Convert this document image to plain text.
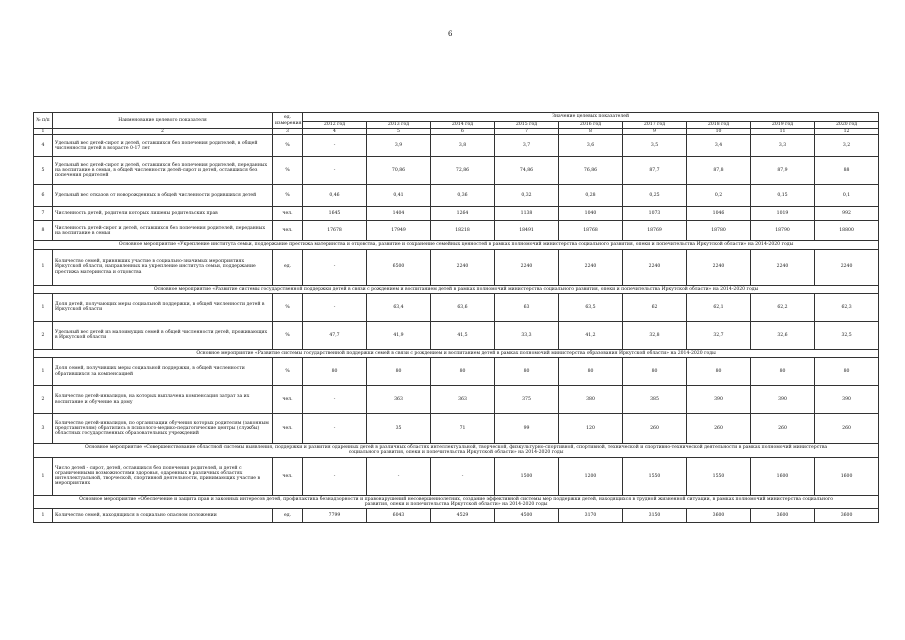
6
№ п/п	Наименование целевого показателя	ед. измерения	Значение целевых показателей								
			2012 год	2013 год	2014 год	2015 год	2016 год	2017 год	2018 год	2019 год	2020 год
1	2	3	4	5	6	7	8	9	10	11	12
4	Удельный вес детей-сирот и детей, оставшихся без попечения родителей, в общей численности детей в возрасте 0-17 лет	%	-	3,9	3,8	3,7	3,6	3,5	3,4	3,3	3,2
5	Удельный вес детей-сирот и детей, оставшихся без попечения родителей, переданных на воспитание в семьи, в общей численности детей-сирот и детей, оставшихся без попечения родителей	%	-	70,86	72,86	74,86	76,86	87,7	87,8	87,9	88
6	Удельный вес отказов от новорожденных в общей численности родившихся детей	%	0,46	0,41	0,36	0,32	0,28	0,25	0,2	0,15	0,1
7	Численность детей, родители которых лишены родительских прав	чел.	1645	1404	1264	1138	1040	1073	1046	1019	992
8	Численность детей-сирот и детей, оставшихся без попечения родителей, переданных на воспитание в семьи	чел.	17678	17949	18218	18491	18768	18769	18780	18790	18800
Основное мероприятие «Укрепление института семьи, поддержание престижа материнства и отцовства, развитие и сохранение семейных ценностей в рамках полномочий министерства социального развития, опеки и попечительства Иркутской области» на 2014-2020 годы											
1	Количество семей, принявших участие в социально-значимых мероприятиях Иркутской области, направленных на укрепление института семьи, поддержание престижа материнства и отцовства	ед.	-	6500	2240	2240	2240	2240	2240	2240	2240
Основное мероприятие «Развитие системы государственной поддержки детей в связи с рождением и воспитанием детей в рамках полномочий министерства социального развития, опеки и попечительства Иркутской области» на 2014-2020 годы											
1	Доля детей, получающих меры социальной поддержки, в общей численности детей в Иркутской области	%	-	63,4	63,6	63	63,5	62	62,1	62,2	62,3
2	Удельный вес детей из малоимущих семей в общей численности детей, проживающих в Иркутской области	%	47,7	41,9	41,5	33,3	41,2	32,8	32,7	32,6	32,5
Основное мероприятие «Развитие системы государственной поддержки семей в связи с рождением и воспитанием детей в рамках полномочий министерства образования Иркутской области» на 2014-2020 годы											
1	Доля семей, получивших меры социальной поддержки, в общей численности обратившихся за компенсацией	%	80	80	80	80	80	80	80	80	80
2	Количество детей-инвалидов, на которых выплачена компенсация затрат за их воспитание и обучение на дому	чел.	-	363	363	375	380	385	390	390	390
3	Количество детей-инвалидов, по организации обучения которых родителям (законным представителям) обратились в психолого-медико-педагогические центры (службы) областных государственных образовательных учреждений	чел.	-	35	71	99	120	260	260	260	260
Основное мероприятие «Совершенствование областной системы выявления, поддержки и развития одаренных детей в различных областях интеллектуальной, творческой, физкультурно-спортивной, спортивной, технической и спортивно-технической деятельности в рамках полномочий министерства социального развития, опеки и попечительства Иркутской области» на 2014-2020 годы											
1	Число детей - сирот, детей, оставшихся без попечения родителей, и детей с ограниченными возможностями здоровья, одаренных в различных областях интеллектуальной, творческой, спортивной деятельности, принимающих участие в мероприятиях	чел.	-	-	-	1500	1200	1550	1550	1600	1600
Основное мероприятие «Обеспечение и защита прав и законных интересов детей, профилактика безнадзорности и правонарушений несовершеннолетних, создание эффективной системы мер поддержки детей, находящихся в трудной жизненной ситуации, в рамках полномочий министерства социального развития, опеки и попечительства Иркутской области» на 2014-2020 годы											
1	Количество семей, находящихся в социально опасном положении	ед.	7799	6043	4529	4500	3170	3150	3600	3600	3600
